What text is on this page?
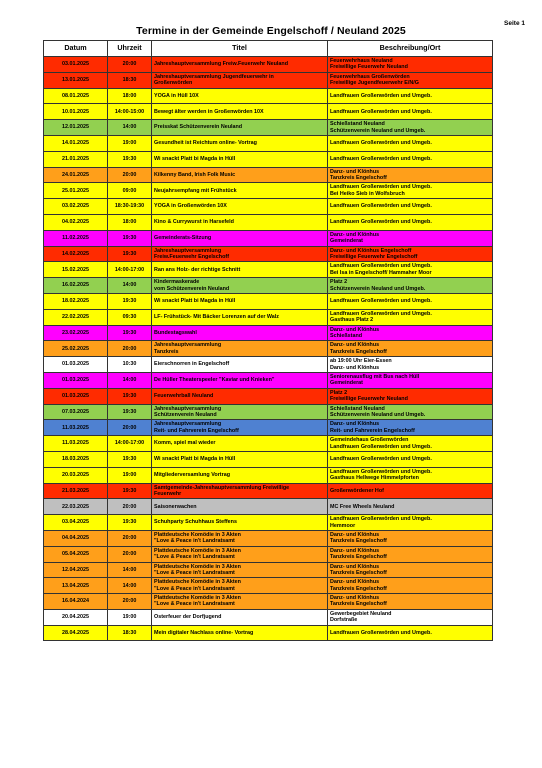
Termine in der Gemeinde Engelschoff / Neuland 2025
Seite 1
Datum	Uhrzeit	Titel	Beschreibung/Ort
03.01.2025	20:00	Jahreshauptversammlung Freiw.Feuerwehr Neuland	Feuerwehrhaus Neuland
Freiwillige Feuerwehr Neuland

13.01.2025	18:30	Jahreshauptversammlung Jugendfeuerwehr in
Großenwörden	Feuerwehrhaus Großenwörden
Freiwillige Jugendfeuerwehr E/N/G

08.01.2025	18:00	YOGA in Hüll 10X	Landfrauen Großenwörden und Umgeb.

10.01.2025	14:00-15:00	Bewegt älter werden in Großenwörden 10X	Landfrauen Großenwörden und Umgeb.

12.01.2025	14:00	Preisskat Schützenverein Neuland	Schießstand Neuland
Schützenverein Neuland und Umgeb.

14.01.2025	19:00	Gesundheit ist Reichtum online- Vortrag	Landfrauen Großenwörden und Umgeb.

21.01.2025	19:30	Wi snackt Platt bi Magda in Hüll	Landfrauen Großenwörden und Umgeb.

24.01.2025	20:00	Kilkenny Band, Irish Folk Music	Danz- und Klönhus
Tanzkreis Engelschoff

25.01.2025	09:00	Neujahrsempfang mit Frühstück	Landfrauen Großenwörden und Umgeb.
Bei Heiko Sieb in Wolfsbruch

03.02.2025	18:30-19:30	YOGA in Großenwörden 10X	Landfrauen Großenwörden und Umgeb.

04.02.2025	18:00	Kino & Currywurst in Harsefeld	Landfrauen Großenwörden und Umgeb.

11.02.2025	19:30	Gemeinderats-Sitzung	Danz- und Klönhus
Gemeinderat

14.02.2025	19:30	Jahreshauptversammlung
Freiw.Feuerwehr Engelschoff	Danz- und Klönhus Engelschoff
Freiwillige Feuerwehr Engelschoff

15.02.2025	14:00-17:00	Ran ans Holz- der richtige Schnitt	Landfrauen Großenwörden und Umgeb.
Bei Isa in Engelschoff/ Hammaher Moor

16.02.2025	14:00	Kindermaskerade
vom Schützenverein Neuland	Platz 2
Schützenverein Neuland und Umgeb.

18.02.2025	19:30	Wi snackt Platt bi Magda in Hüll	Landfrauen Großenwörden und Umgeb.

22.02.2025	09:30	LF- Frühstück- Mit Bäcker Lorenzen auf der Walz	Landfrauen Großenwörden und Umgeb.
Gasthaus Platz 2

23.02.2025	19:30	Bundestagswahl	Danz- und Klönhus
Schießstand

25.02.2025	20:00	Jahreshauptversammlung
Tanzkreis	Danz- und Klönhus
Tanzkreis Engelschoff

01.03.2025	10:30	Eierschnorren in Engelschoff	ab 19:00 Uhr Eier-Essen
Danz- und Klönhus

01.03.2025	14:00	De Hüller Theaterspeeler "Kaviar und Knieken"	Seniorenausflug mit Bus nach Hüll
Gemeinderat

01.03.2025	19:30	Feuerwehrball Neuland	Platz 2
Freiwillige Feuerwehr Neuland

07.03.2025	19:30	Jahreshauptversammlung
Schützenverein Neuland	Schießstand Neuland
Schützenverein Neuland und Umgeb.

11.03.2025	20:00	Jahreshauptversammlung
Reit- und Fahrverein Engelschoff	Danz- und Klönhus
Reit- und Fahrverein Engelschoff

11.03.2025	14:00-17:00	Komm, spiel mal wieder	Gemeindehaus Großenwörden
Landfrauen Großenwörden und Umgeb.

18.03.2025	19:30	Wi snackt Platt bi Magda in Hüll	Landfrauen Großenwörden und Umgeb.

20.03.2025	19:00	Mitgliederversamlung Vortrag	Landfrauen Großenwörden und Umgeb.
Gasthaus Hellwege Himmelpforten

21.03.2025	19:30	Samtgemeinde-Jahreshauptversammlung Freiwillige
Feuerwehr	Großenwördener Hof

22.03.2025	20:00	Saisonerwachen	MC Free Wheels Neuland

03.04.2025	19:30	Schuhparty Schuhhaus Steffens	Landfrauen Großenwörden und Umgeb.
Hemmoor

04.04.2025	20:00	Plattdeutsche Komödie in 3 Akten
"Love & Peace in't Landratsamt	Danz- und Klönhus
Tanzkreis Engelschoff

05.04.2025	20:00	Plattdeutsche Komödie in 3 Akten
"Love & Peace in't Landratsamt	Danz- und Klönhus
Tanzkreis Engelschoff

12.04.2025	14:00	Plattdeutsche Komödie in 3 Akten
"Love & Peace in't Landratsamt	Danz- und Klönhus
Tanzkreis Engelschoff

13.04.2025	14:00	Plattdeutsche Komödie in 3 Akten
"Love & Peace in't Landratsamt	Danz- und Klönhus
Tanzkreis Engelschoff

16.04.2024	20:00	Plattdeutsche Komödie in 3 Akten
"Love & Peace in't Landratsamt	Danz- und Klönhus
Tanzkreis Engelschoff

20.04.2025	19:00	Osterfeuer der Dorfjugend	Gewerbegebiet Neuland
Dorfstraße

28.04.2025	18:30	Mein digitaler Nachlass online- Vortrag	Landfrauen Großenwörden und Umgeb.
